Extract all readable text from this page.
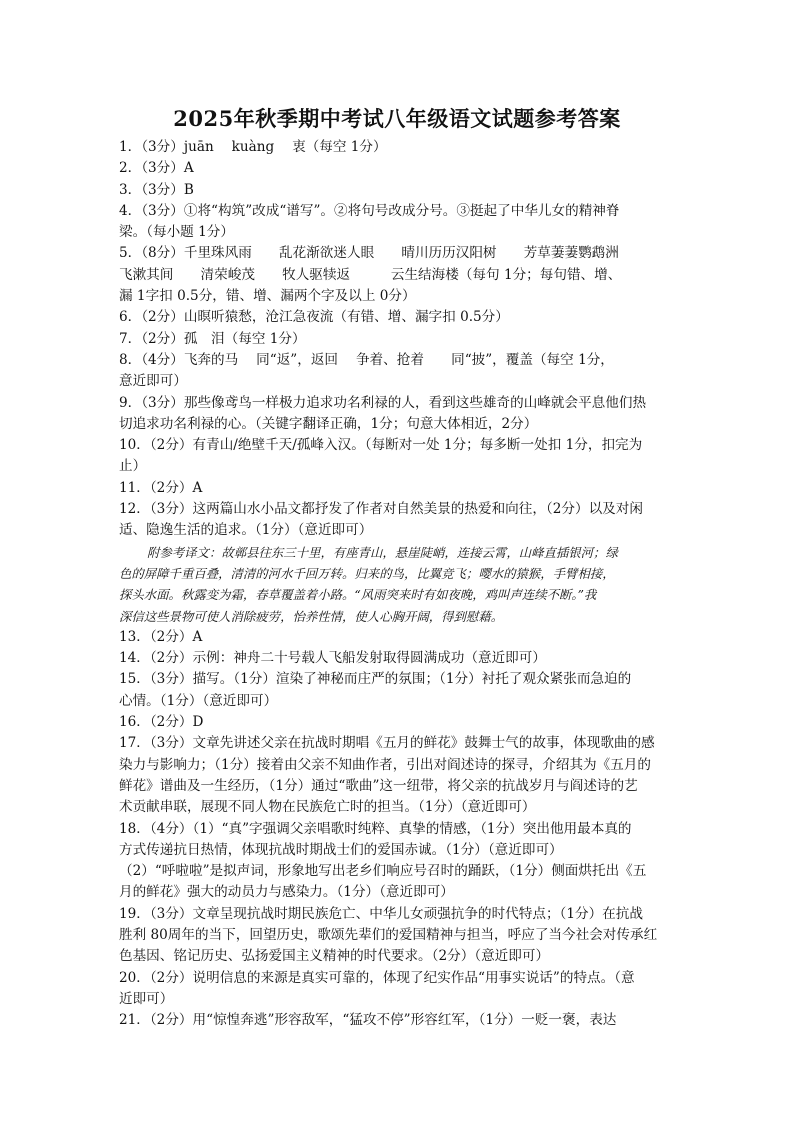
2025年秋季期中考试八年级语文试题参考答案
1．（3分）juān　 kuàng　 衷（每空 1分）
2．（3分）A
3．（3分）B
4．（3分）①将“构筑”改成“谱写”。②将句号改成分号。③挺起了中华儿女的精神脊
梁。（每小题 1分）
5．（8分）千里珠风雨　　乱花渐欲迷人眼　　晴川历历汉阳树　　芳草萋萋鹦鹉洲
飞漱其间　　清荣峻茂　　牧人驱犊返　　　云生结海楼（每句 1分；每句错、增、
漏 1字扣 0.5分，错、增、漏两个字及以上 0分）
6．（2分）山暝听猿愁，沧江急夜流（有错、增、漏字扣 0.5分）
7．（2分）孤　泪（每空 1分）
8．（4分）飞奔的马　 同“返”，返回　 争着、抢着　　同“披”，覆盖（每空 1分，
意近即可）
9．（3分）那些像鸢鸟一样极力追求功名利禄的人，看到这些雄奇的山峰就会平息他们热
切追求功名利禄的心。（关键字翻译正确，1分；句意大体相近，2分）
10．（2分）有青山/绝壁千天/孤峰入汉。（每断对一处 1分；每多断一处扣 1分，扣完为
止）
11．（2分）A
12．（3分）这两篇山水小品文都抒发了作者对自然美景的热爱和向往，（2分）以及对闲
适、隐逸生活的追求。（1分）（意近即可）
附参考译文：故鄣县往东三十里，有座青山，悬崖陡峭，连接云霄，山峰直插银河；绿
色的屏障千重百叠，清清的河水千回万转。归来的鸟，比翼竞飞；嘤水的猿猴，手臂相接，
探头水面。秋露变为霜，春草覆盖着小路。“风雨突来时有如夜晚，鸡叫声连续不断。”我
深信这些景物可使人消除疲劳，怡养性情，使人心胸开阔，得到慰藉。
13．（2分）A
14．（2分）示例：神舟二十号载人飞船发射取得圆满成功（意近即可）
15．（3分）描写。（1分）渲染了神秘而庄严的氛围；（1分）衬托了观众紧张而急迫的
心情。（1分）（意近即可）
16．（2分）D
17．（3分）文章先讲述父亲在抗战时期唱《五月的鲜花》鼓舞士气的故事，体现歌曲的感
染力与影响力；（1分）接着由父亲不知曲作者，引出对阎述诗的探寻，介绍其为《五月的
鲜花》谱曲及一生经历，（1分）通过“歌曲”这一纽带，将父亲的抗战岁月与阎述诗的艺
术贡献串联，展现不同人物在民族危亡时的担当。（1分）（意近即可）
18．（4分）（1）“真”字强调父亲唱歌时纯粹、真挚的情感，（1分）突出他用最本真的
方式传递抗日热情，体现抗战时期战士们的爱国赤诚。（1分）（意近即可）
（2）“呼啦啦”是拟声词，形象地写出老乡们响应号召时的踊跃，（1分）侧面烘托出《五
月的鲜花》强大的动员力与感染力。（1分）（意近即可）
19．（3分）文章呈现抗战时期民族危亡、中华儿女顽强抗争的时代特点；（1分）在抗战
胜利 80周年的当下，回望历史，歌颂先辈们的爱国精神与担当，呼应了当今社会对传承红
色基因、铭记历史、弘扬爱国主义精神的时代要求。（2分）（意近即可）
20．（2分）说明信息的来源是真实可靠的，体现了纪实作品“用事实说话”的特点。（意
近即可）
21．（2分）用“惊惶奔逃”形容敌军，“猛攻不停”形容红军，（1分）一贬一褒，表达
